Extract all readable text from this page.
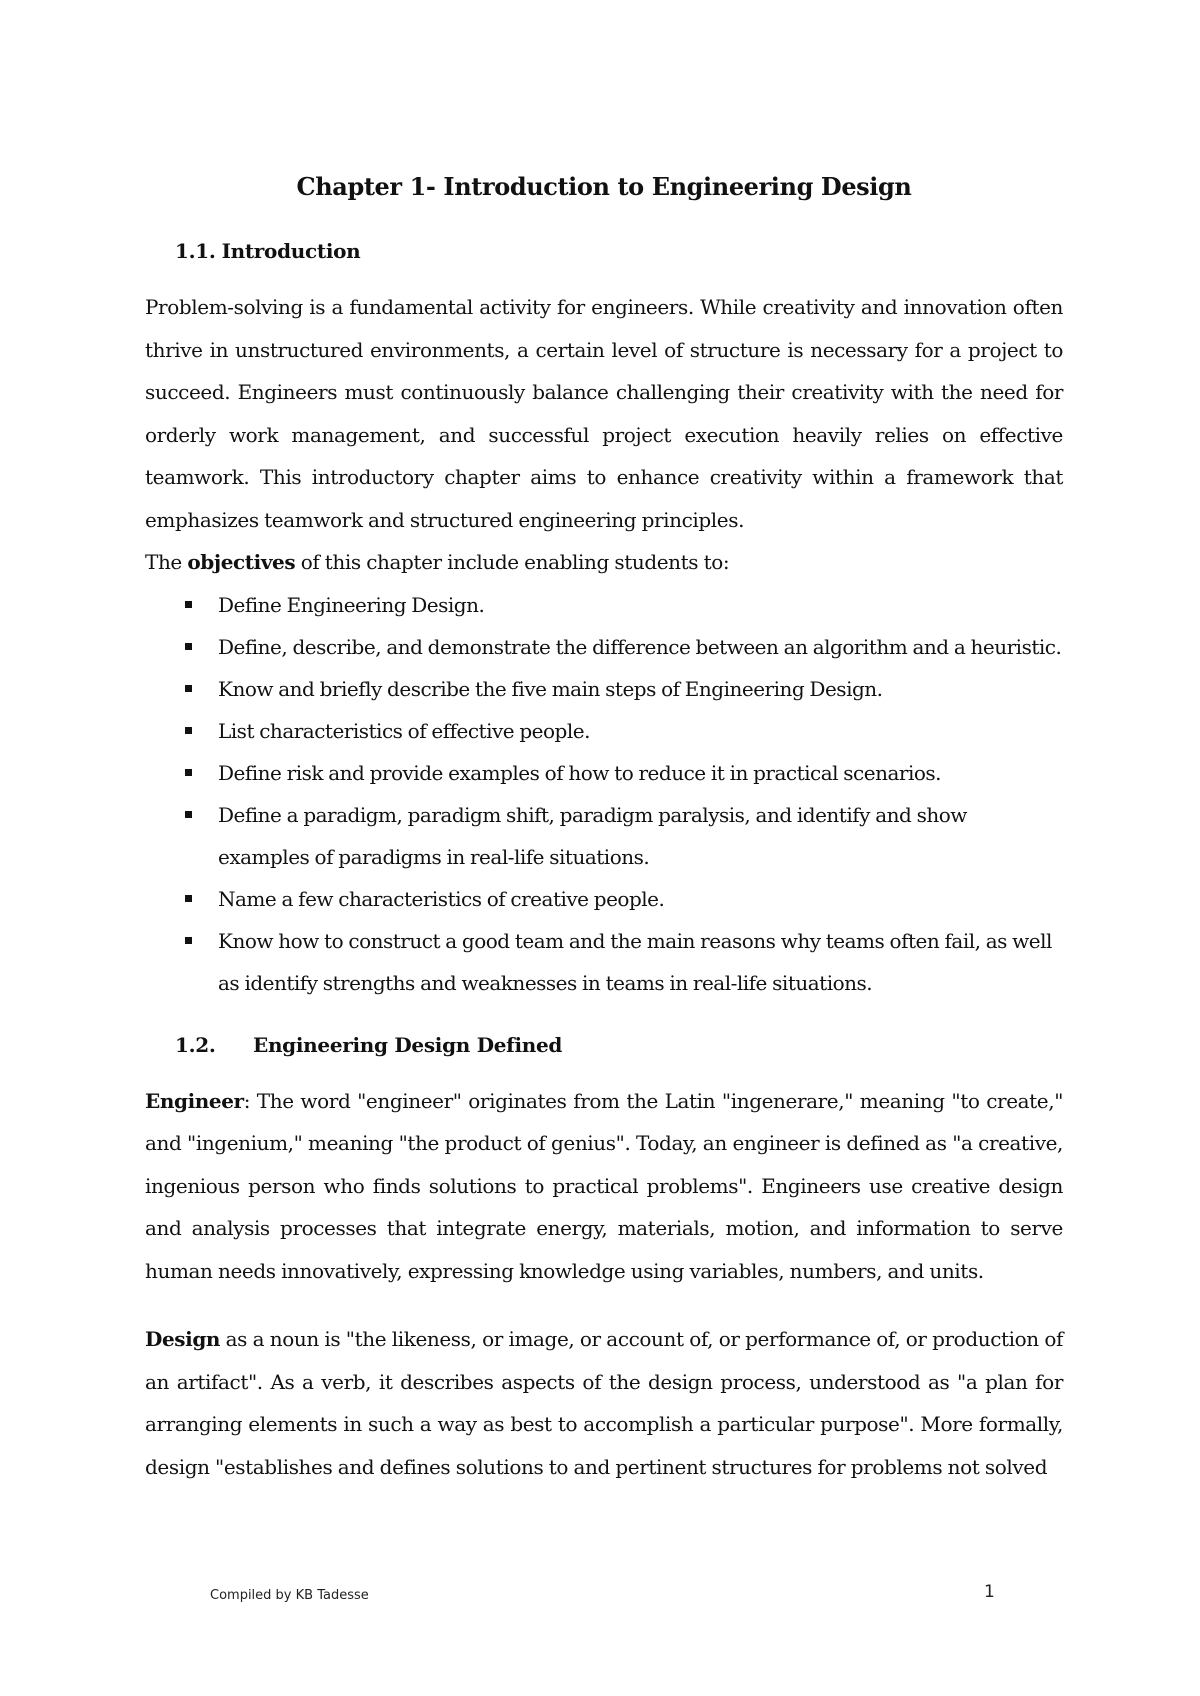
Chapter 1- Introduction to Engineering Design
1.1. Introduction

Problem-solving is a fundamental activity for engineers. While creativity and innovation often thrive in unstructured environments, a certain level of structure is necessary for a project to succeed. Engineers must continuously balance challenging their creativity with the need for orderly work management, and successful project execution heavily relies on effective teamwork. This introductory chapter aims to enhance creativity within a framework that emphasizes teamwork and structured engineering principles.

The objectives of this chapter include enabling students to:

Define Engineering Design.
Define, describe, and demonstrate the difference between an algorithm and a heuristic.
Know and briefly describe the five main steps of Engineering Design.
List characteristics of effective people.
Define risk and provide examples of how to reduce it in practical scenarios.
Define a paradigm, paradigm shift, paradigm paralysis, and identify and show examples of paradigms in real-life situations.
Name a few characteristics of creative people.
Know how to construct a good team and the main reasons why teams often fail, as well as identify strengths and weaknesses in teams in real-life situations.
1.2.	Engineering Design Defined

Engineer: The word "engineer" originates from the Latin "ingenerare," meaning "to create," and "ingenium," meaning "the product of genius". Today, an engineer is defined as "a creative, ingenious person who finds solutions to practical problems". Engineers use creative design and analysis processes that integrate energy, materials, motion, and information to serve human needs innovatively, expressing knowledge using variables, numbers, and units.

Design as a noun is "the likeness, or image, or account of, or performance of, or production of an artifact". As a verb, it describes aspects of the design process, understood as "a plan for arranging elements in such a way as best to accomplish a particular purpose". More formally, design "establishes and defines solutions to and pertinent structures for problems not solved

Compiled by KB Tadesse	1
